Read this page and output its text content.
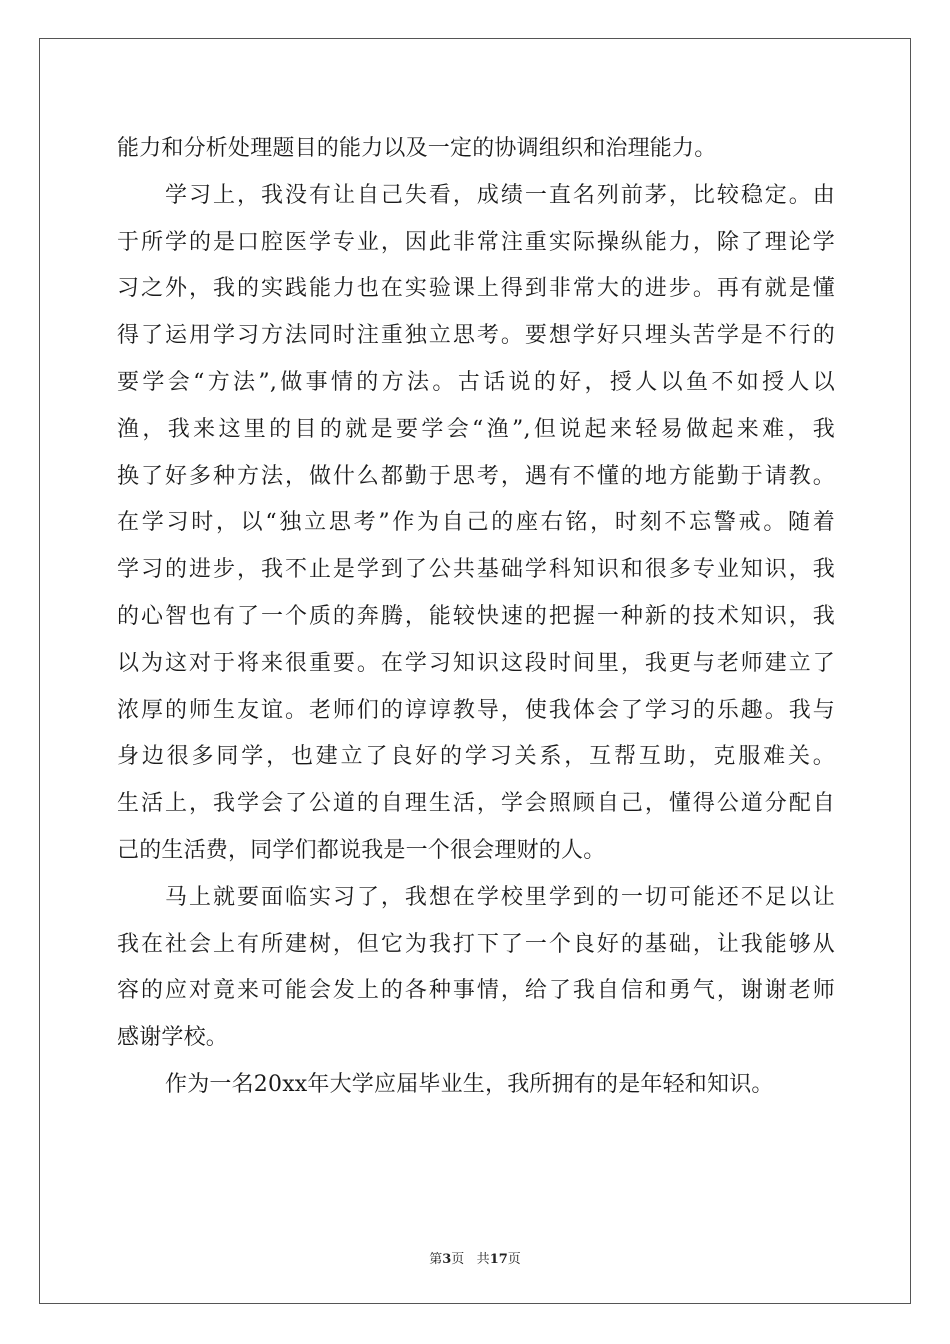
能力和分析处理题目的能力以及一定的协调组织和治理能力。
学习上，我没有让自己失看，成绩一直名列前茅，比较稳定。由
于所学的是口腔医学专业，因此非常注重实际操纵能力，除了理论学
习之外，我的实践能力也在实验课上得到非常大的进步。再有就是懂
得了运用学习方法同时注重独立思考。要想学好只埋头苦学是不行的
要学会“方法”,做事情的方法。古话说的好，授人以鱼不如授人以
渔，我来这里的目的就是要学会“渔”,但说起来轻易做起来难，我
换了好多种方法，做什么都勤于思考，遇有不懂的地方能勤于请教。
在学习时，以“独立思考”作为自己的座右铭，时刻不忘警戒。随着
学习的进步，我不止是学到了公共基础学科知识和很多专业知识，我
的心智也有了一个质的奔腾，能较快速的把握一种新的技术知识，我
以为这对于将来很重要。在学习知识这段时间里，我更与老师建立了
浓厚的师生友谊。老师们的谆谆教导，使我体会了学习的乐趣。我与
身边很多同学，也建立了良好的学习关系，互帮互助，克服难关。
生活上，我学会了公道的自理生活，学会照顾自己，懂得公道分配自
己的生活费，同学们都说我是一个很会理财的人。
马上就要面临实习了，我想在学校里学到的一切可能还不足以让
我在社会上有所建树，但它为我打下了一个良好的基础，让我能够从
容的应对竟来可能会发上的各种事情，给了我自信和勇气，谢谢老师
感谢学校。
作为一名20xx年大学应届毕业生，我所拥有的是年轻和知识。
第3页 共17页
